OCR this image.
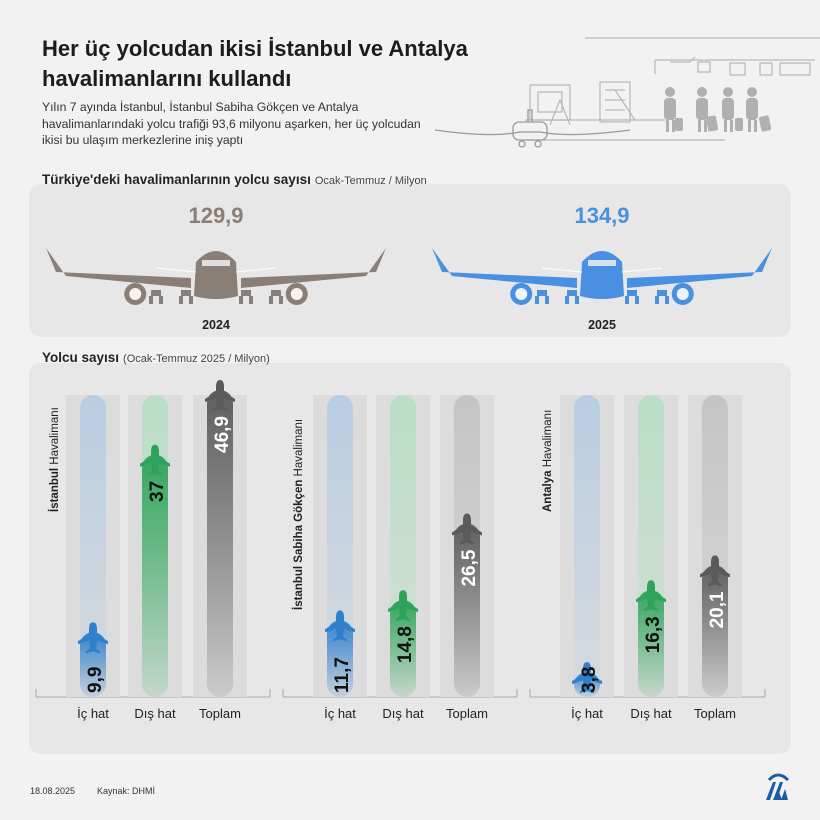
Her üç yolcudan ikisi İstanbul ve Antalya
havalimanlarını kullandı

Yılın 7 ayında İstanbul, İstanbul Sabiha Gökçen ve Antalya havalimanlarındaki yolcu trafiği 93,6 milyonu aşarken, her üç yolcudan ikisi bu ulaşım merkezlerine iniş yaptı

Türkiye'deki havalimanlarının yolcu sayısı Ocak-Temmuz / Milyon
Yolcu sayısı (Ocak-Temmuz 2025 / Milyon)
129,9
2024
134,9
2025
İstanbul Havalimanı
9,9
İç hat
37
Dış hat
46,9
Toplam
İstanbul Sabiha Gökçen Havalimanı
11,7
İç hat
14,8
Dış hat
26,5
Toplam
Antalya Havalimanı
3,8
İç hat
16,3
Dış hat
20,1
Toplam
18.08.2025 Kaynak: DHMİ
